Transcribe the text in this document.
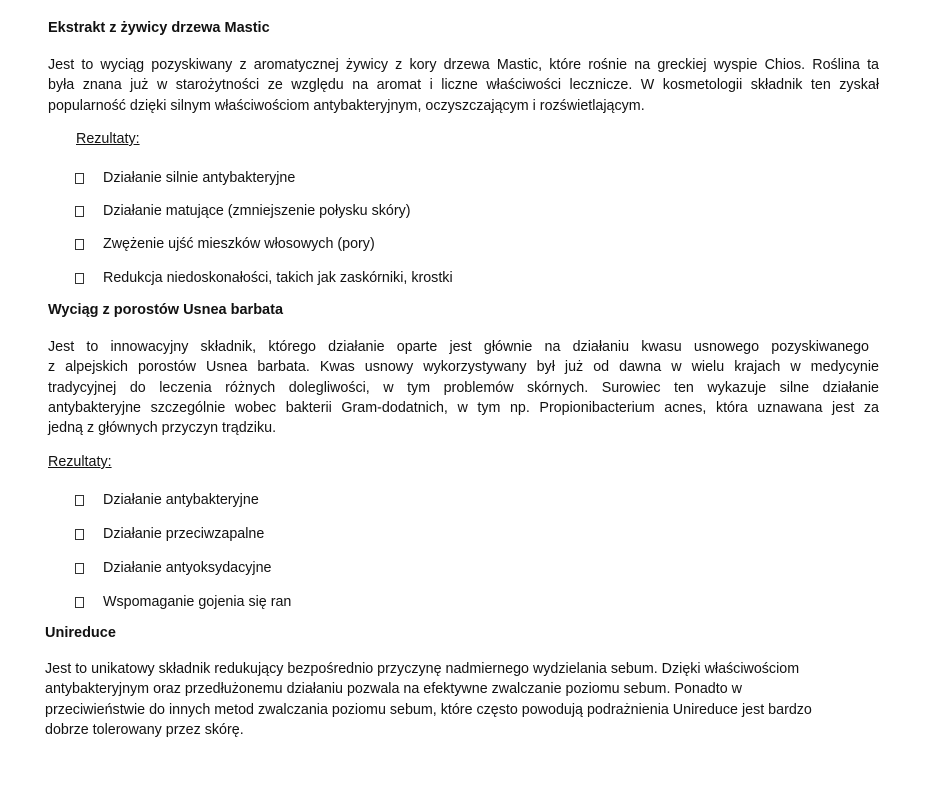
Ekstrakt z żywicy drzewa Mastic
Jest to wyciąg pozyskiwany z aromatycznej żywicy z kory drzewa Mastic, które rośnie na greckiej wyspie Chios. Roślina ta
była znana już w starożytności ze względu na aromat i liczne właściwości lecznicze. W kosmetologii składnik ten zyskał
popularność dzięki silnym właściwościom antybakteryjnym, oczyszczającym i rozświetlającym.
Rezultaty:
Działanie silnie antybakteryjne
Działanie matujące (zmniejszenie połysku skóry)
Zwężenie ujść mieszków włosowych (pory)
Redukcja niedoskonałości, takich jak zaskórniki, krostki
Wyciąg z porostów Usnea barbata
Jest to innowacyjny składnik, którego działanie oparte jest głównie na działaniu kwasu usnowego pozyskiwanego
z alpejskich porostów Usnea barbata. Kwas usnowy wykorzystywany był już od dawna w wielu krajach w medycynie
tradycyjnej do leczenia różnych dolegliwości, w tym problemów skórnych. Surowiec ten wykazuje silne działanie
antybakteryjne szczególnie wobec bakterii Gram-dodatnich, w tym np. Propionibacterium acnes, która uznawana jest za
jedną z głównych przyczyn trądziku.
Rezultaty:
Działanie antybakteryjne
Działanie przeciwzapalne
Działanie antyoksydacyjne
Wspomaganie gojenia się ran
Unireduce
Jest to unikatowy składnik redukujący bezpośrednio przyczynę nadmiernego wydzielania sebum. Dzięki właściwościom
antybakteryjnym oraz przedłużonemu działaniu pozwala na efektywne zwalczanie poziomu sebum. Ponadto w
przeciwieństwie do innych metod zwalczania poziomu sebum, które często powodują podrażnienia Unireduce jest bardzo
dobrze tolerowany przez skórę.
